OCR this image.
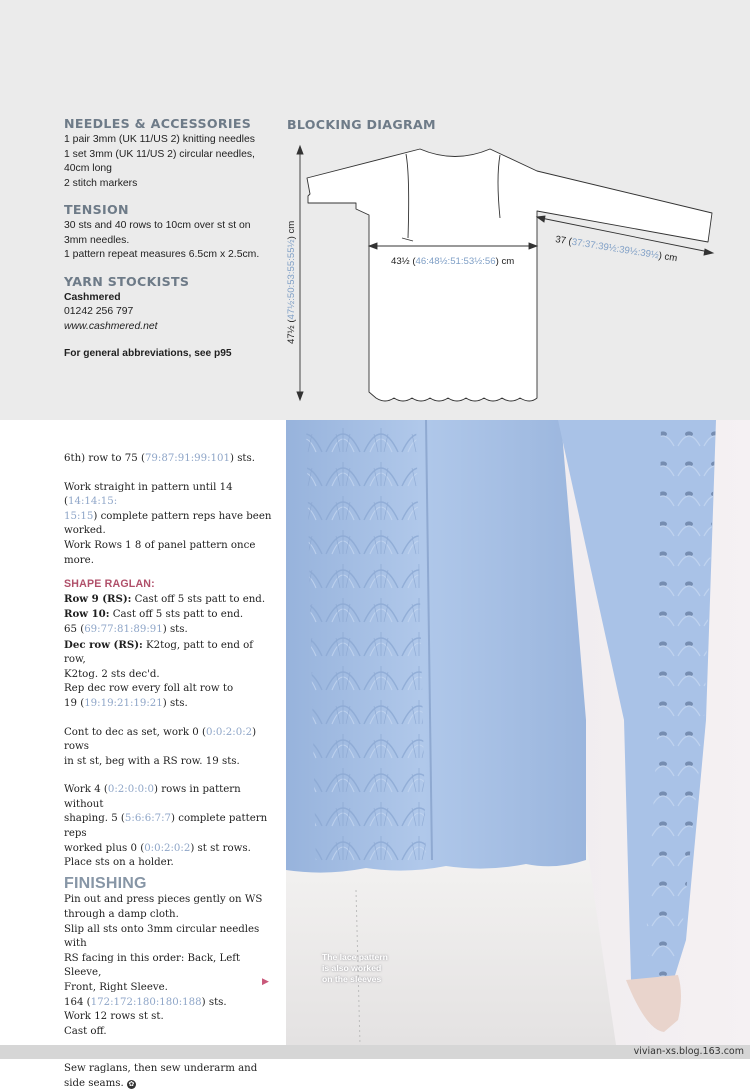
NEEDLES & ACCESSORIES
1 pair 3mm (UK 11/US 2) knitting needles
1 set 3mm (UK 11/US 2) circular needles,
40cm long
2 stitch markers
TENSION
30 sts and 40 rows to 10cm over st st on
3mm needles.
1 pattern repeat measures 6.5cm x 2.5cm.
YARN STOCKISTS
Cashmered
01242 256 797
www.cashmered.net
For general abbreviations, see p95
BLOCKING DIAGRAM
47½ (47½:50:53:55:55½) cm
43½ (46:48½:51:53½:56) cm
37 (37:37:39½:39½:39½) cm

6th) row to 75 (79:87:91:99:101) sts.

Work straight in pattern until 14 (14:14:15:
15:15) complete pattern reps have been
worked.

Work Rows 1 8 of panel pattern once more.

SHAPE RAGLAN:

Row 9 (RS): Cast off 5 sts patt to end.

Row 10: Cast off 5 sts patt to end.

65 (69:77:81:89:91) sts.

Dec row (RS): K2tog, patt to end of row,
K2tog. 2 sts dec'd.

Rep dec row every foll alt row to
19 (19:19:21:19:21) sts.

Cont to dec as set, work 0 (0:0:2:0:2) rows
in st st, beg with a RS row. 19 sts.

Work 4 (0:2:0:0:0) rows in pattern without
shaping. 5 (5:6:6:7:7) complete pattern reps
worked plus 0 (0:0:2:0:2) st st rows.
Place sts on a holder.

FINISHING

Pin out and press pieces gently on WS
through a damp cloth.
Slip all sts onto 3mm circular needles with
RS facing in this order: Back, Left Sleeve,
Front, Right Sleeve.
164 (172:172:180:180:188) sts.
Work 12 rows st st.
Cast off.

Sew raglans, then sew underarm and
side seams. ✿

▶
The lace pattern
is also worked
on the sleeves
vivian-xs.blog.163.com
